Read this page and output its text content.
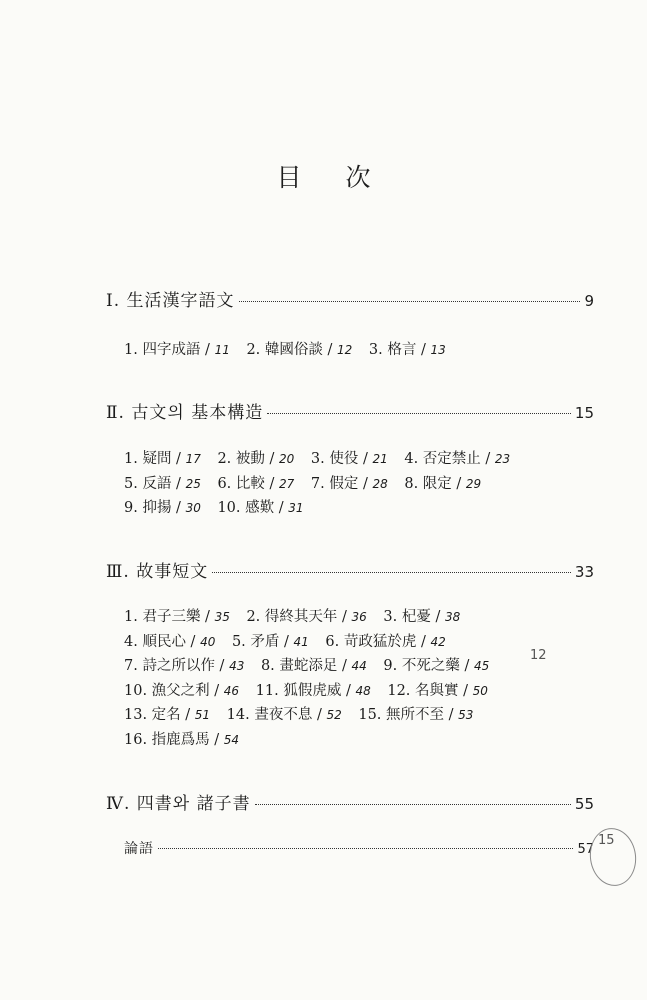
目 次
Ⅰ. 生活漢字語文	9
1. 四字成語 / 11 2. 韓國俗談 / 12 3. 格言 / 13
Ⅱ. 古文의 基本構造	15
1. 疑問 / 17 2. 被動 / 20 3. 使役 / 21 4. 否定禁止 / 23
5. 反語 / 25 6. 比較 / 27 7. 假定 / 28 8. 限定 / 29
9. 抑揚 / 30 10. 感歎 / 31
Ⅲ. 故事短文	33
1. 君子三樂 / 35 2. 得終其天年 / 36 3. 杞憂 / 38
4. 順民心 / 40 5. 矛盾 / 41 6. 苛政猛於虎 / 42
7. 詩之所以作 / 43 8. 畫蛇添足 / 44 9. 不死之藥 / 45
10. 漁父之利 / 46 11. 狐假虎威 / 48 12. 名與實 / 50
13. 定名 / 51 14. 晝夜不息 / 52 15. 無所不至 / 53
16. 指鹿爲馬 / 54
Ⅳ. 四書와 諸子書	55
論語	57
12
15
